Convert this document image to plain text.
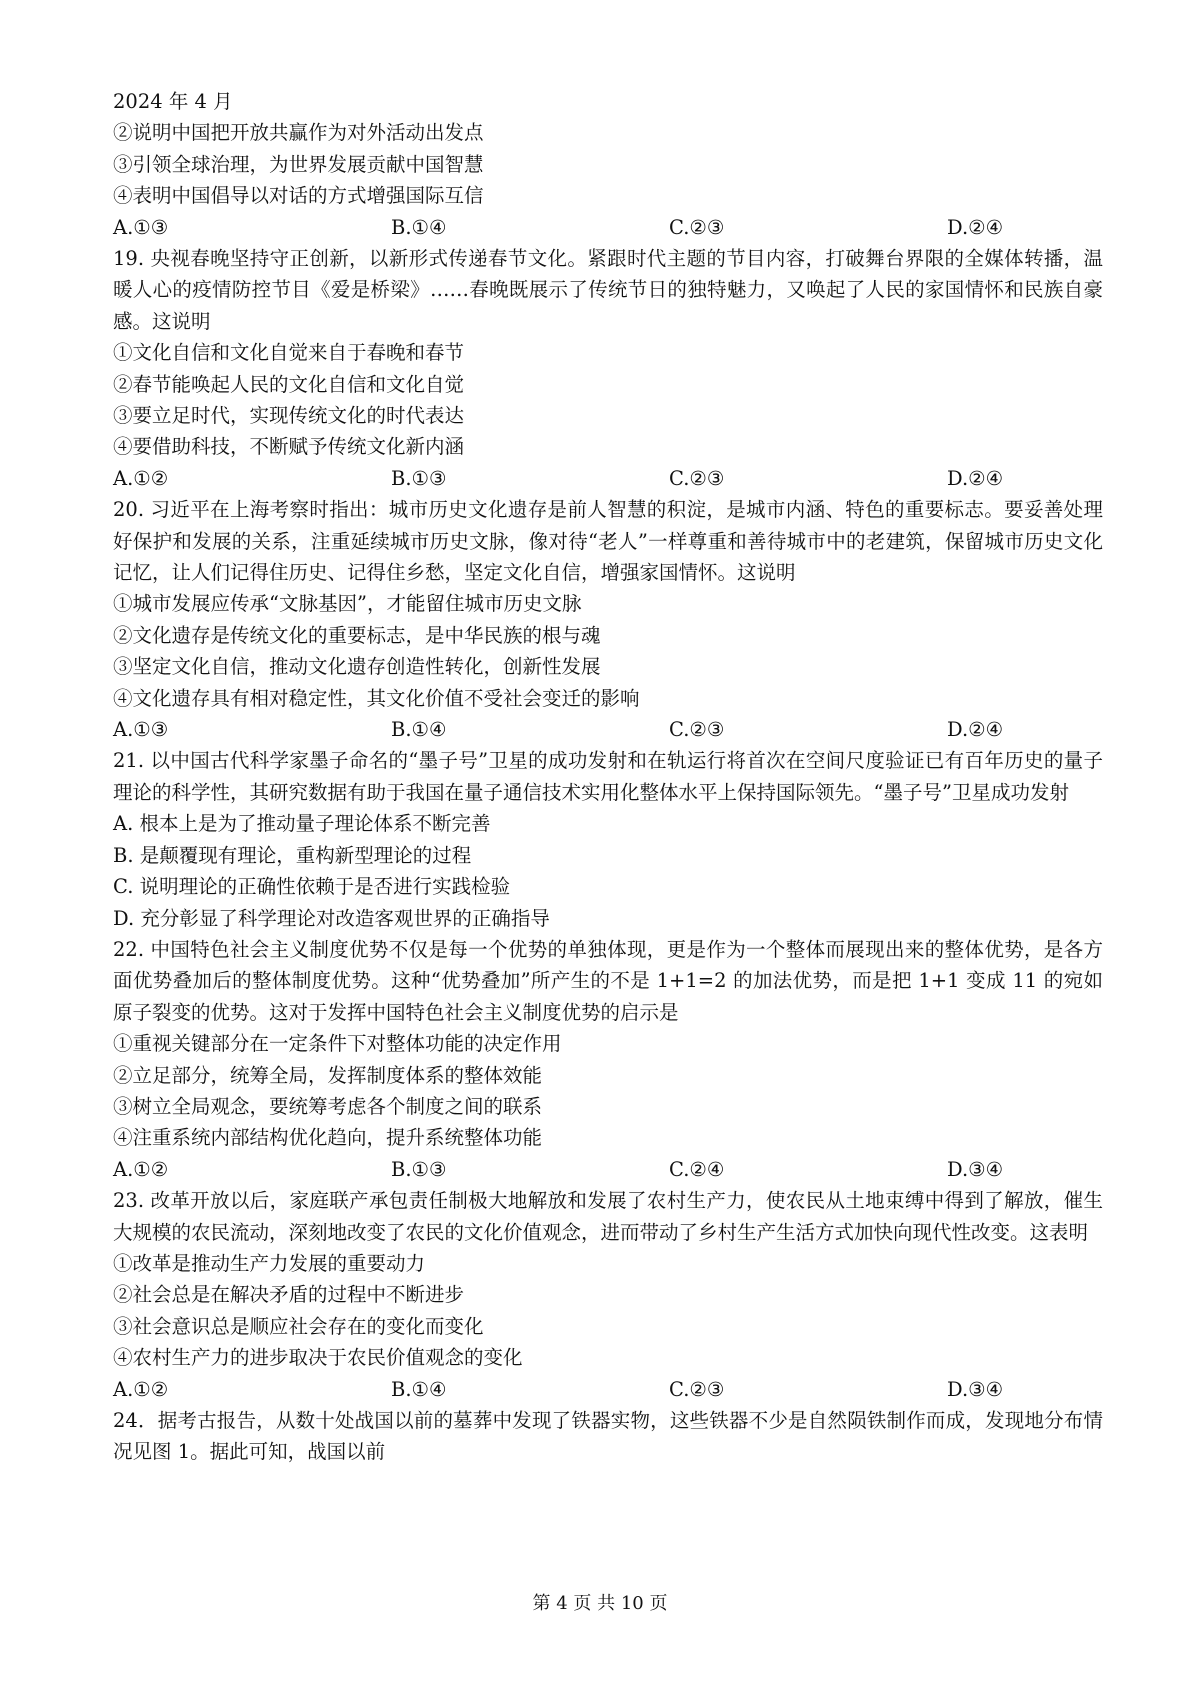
2024 年 4 月
②说明中国把开放共赢作为对外活动出发点
③引领全球治理，为世界发展贡献中国智慧
④表明中国倡导以对话的方式增强国际互信
A.①③	B.①④	C.②③	D.②④
19. 央视春晚坚持守正创新，以新形式传递春节文化。紧跟时代主题的节目内容，打破舞台界限的全媒体转播，温暖人心的疫情防控节目《爱是桥梁》……春晚既展示了传统节日的独特魅力，又唤起了人民的家国情怀和民族自豪感。这说明
①文化自信和文化自觉来自于春晚和春节
②春节能唤起人民的文化自信和文化自觉
③要立足时代，实现传统文化的时代表达
④要借助科技，不断赋予传统文化新内涵
A.①②	B.①③	C.②③	D.②④
20. 习近平在上海考察时指出：城市历史文化遗存是前人智慧的积淀，是城市内涵、特色的重要标志。要妥善处理好保护和发展的关系，注重延续城市历史文脉，像对待“老人”一样尊重和善待城市中的老建筑，保留城市历史文化记忆，让人们记得住历史、记得住乡愁，坚定文化自信，增强家国情怀。这说明
①城市发展应传承“文脉基因”，才能留住城市历史文脉
②文化遗存是传统文化的重要标志，是中华民族的根与魂
③坚定文化自信，推动文化遗存创造性转化，创新性发展
④文化遗存具有相对稳定性，其文化价值不受社会变迁的影响
A.①③	B.①④	C.②③	D.②④
21. 以中国古代科学家墨子命名的“墨子号”卫星的成功发射和在轨运行将首次在空间尺度验证已有百年历史的量子理论的科学性，其研究数据有助于我国在量子通信技术实用化整体水平上保持国际领先。“墨子号”卫星成功发射
A. 根本上是为了推动量子理论体系不断完善
B. 是颠覆现有理论，重构新型理论的过程
C. 说明理论的正确性依赖于是否进行实践检验
D. 充分彰显了科学理论对改造客观世界的正确指导
22. 中国特色社会主义制度优势不仅是每一个优势的单独体现，更是作为一个整体而展现出来的整体优势，是各方面优势叠加后的整体制度优势。这种“优势叠加”所产生的不是 1+1=2 的加法优势，而是把 1+1 变成 11 的宛如原子裂变的优势。这对于发挥中国特色社会主义制度优势的启示是
①重视关键部分在一定条件下对整体功能的决定作用
②立足部分，统筹全局，发挥制度体系的整体效能
③树立全局观念，要统筹考虑各个制度之间的联系
④注重系统内部结构优化趋向，提升系统整体功能
A.①②	B.①③	C.②④	D.③④
23. 改革开放以后，家庭联产承包责任制极大地解放和发展了农村生产力，使农民从土地束缚中得到了解放，催生大规模的农民流动，深刻地改变了农民的文化价值观念，进而带动了乡村生产生活方式加快向现代性改变。这表明
①改革是推动生产力发展的重要动力
②社会总是在解决矛盾的过程中不断进步
③社会意识总是顺应社会存在的变化而变化
④农村生产力的进步取决于农民价值观念的变化
A.①②	B.①④	C.②③	D.③④
24．据考古报告，从数十处战国以前的墓葬中发现了铁器实物，这些铁器不少是自然陨铁制作而成，发现地分布情况见图 1。据此可知，战国以前
第 4 页 共 10 页
